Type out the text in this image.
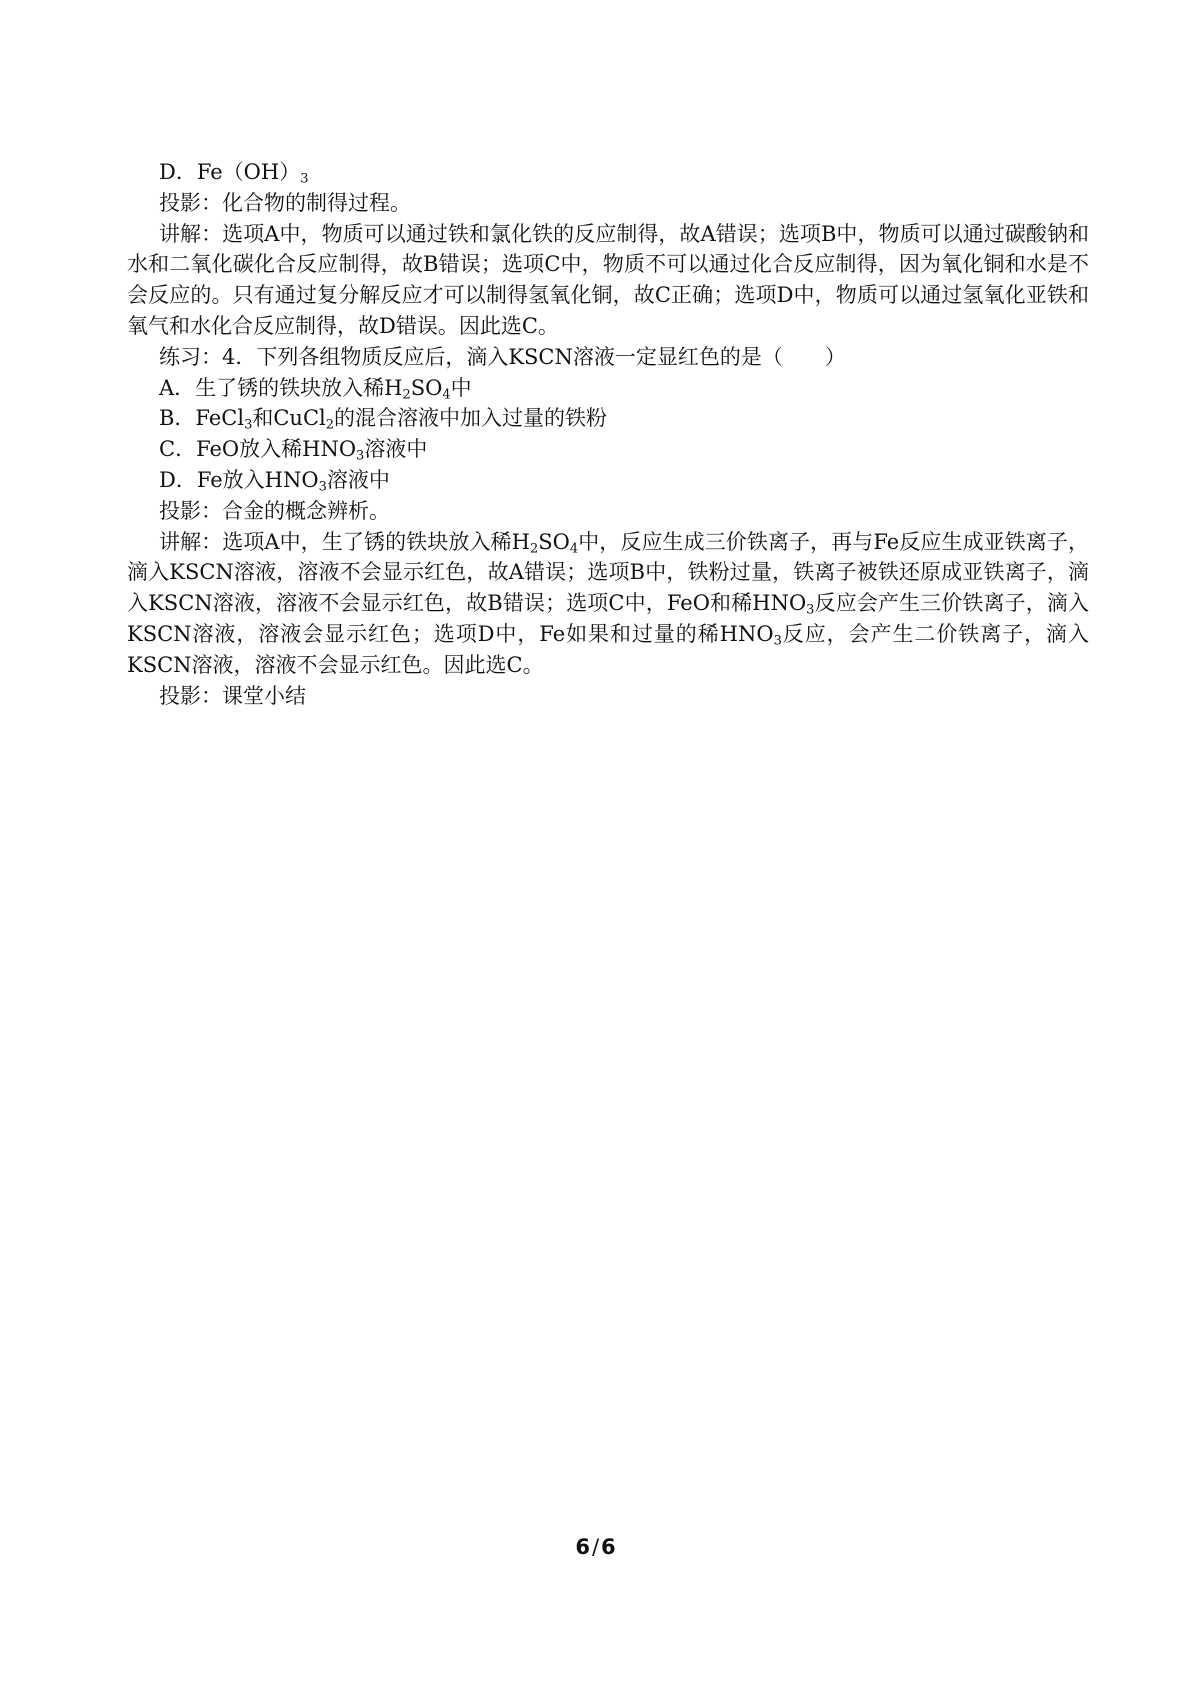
D．$Fe(OH)_3$

投影：化合物的制得过程。

讲解：选项A中，物质可以通过铁和氯化铁的反应制得，故A错误；选项B中，物质可以通过碳酸钠和水和二氧化碳化合反应制得，故B错误；选项C中，物质不可以通过化合反应制得，因为氧化铜和水是不会反应的。只有通过复分解反应才可以制得氢氧化铜，故C正确；选项D中，物质可以通过氢氧化亚铁和氧气和水化合反应制得，故D错误。因此选C。

练习：4．下列各组物质反应后，滴入KSCN溶液一定显红色的是（　　）

A．生了锈的铁块放入稀$H_2SO_4$中

B．FeCl$_3$和CuCl$_2$的混合溶液中加入过量的铁粉

C．FeO放入稀$HNO_3$溶液中

D．Fe放入$HNO_3$溶液中

投影：合金的概念辨析。

讲解：选项A中，生了锈的铁块放入稀$H_2SO_4$中，反应生成三价铁离子，再与Fe反应生成亚铁离子，滴入KSCN溶液，溶液不会显示红色，故A错误；选项B中，铁粉过量，铁离子被铁还原成亚铁离子，滴入KSCN溶液，溶液不会显示红色，故B错误；选项C中，FeO和稀$HNO_3$反应会产生三价铁离子，滴入KSCN溶液，溶液会显示红色；选项D中，Fe如果和过量的稀$HNO_3$反应，会产生二价铁离子，滴入KSCN溶液，溶液不会显示红色。因此选C。

投影：课堂小结

6/6
